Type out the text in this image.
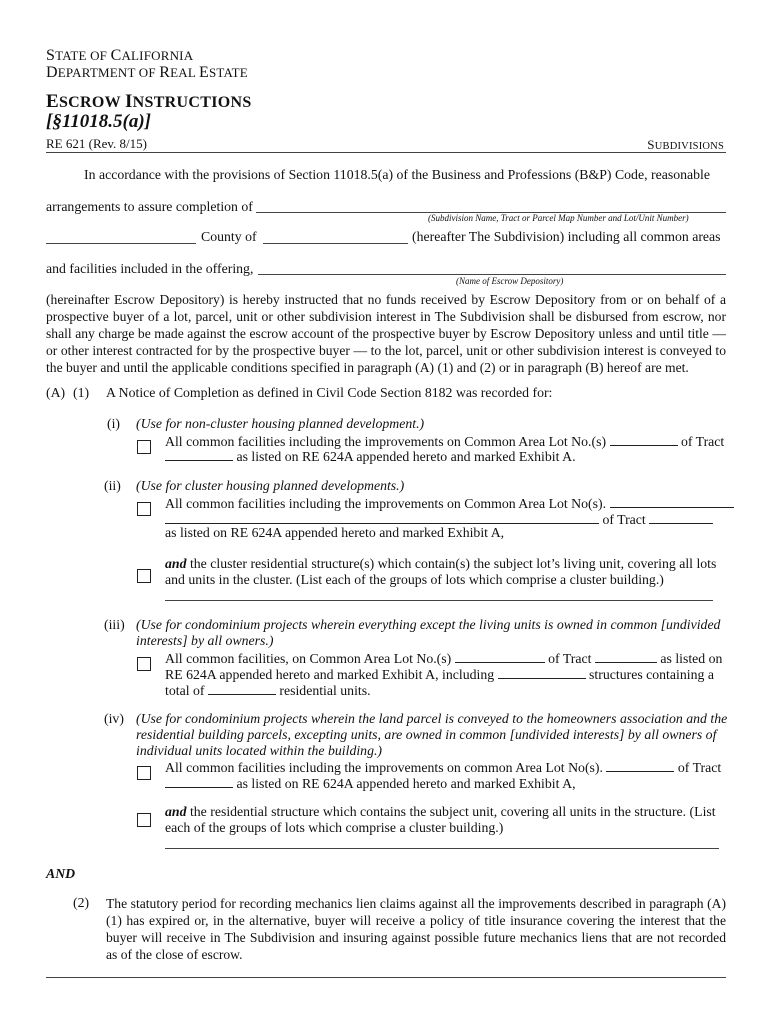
STATE OF CALIFORNIA
DEPARTMENT OF REAL ESTATE
ESCROW INSTRUCTIONS
[§11018.5(a)]
RE 621 (Rev. 8/15)	SUBDIVISIONS
In accordance with the provisions of Section 11018.5(a) of the Business and Professions (B&P) Code, reasonable
arrangements to assure completion of
(Subdivision Name, Tract or Parcel Map Number and Lot/Unit Number)
County of	(hereafter The Subdivision) including all common areas
and facilities included in the offering,
(Name of Escrow Depository)

(hereinafter Escrow Depository) is hereby instructed that no funds received by Escrow Depository from or on behalf of a prospective buyer of a lot, parcel, unit or other subdivision interest in The Subdivision shall be disbursed from escrow, nor shall any charge be made against the escrow account of the prospective buyer by Escrow Depository unless and until title —or other interest contracted for by the prospective buyer — to the lot, parcel, unit or other subdivision interest is conveyed to the buyer and until the applicable conditions specified in paragraph (A) (1) and (2) or in paragraph (B) hereof are met.

(A) (1) A Notice of Completion as defined in Civil Code Section 8182 was recorded for:
(i) (Use for non-cluster housing planned development.)
All common facilities including the improvements on Common Area Lot No.(s)	of Tract
as listed on RE 624A appended hereto and marked Exhibit A.
(ii) (Use for cluster housing planned developments.)
All common facilities including the improvements on Common Area Lot No(s).
of Tract
as listed on RE 624A appended hereto and marked Exhibit A,
and the cluster residential structure(s) which contain(s) the subject lot’s living unit, covering all lots
and units in the cluster. (List each of the groups of lots which comprise a cluster building.)
(iii) (Use for condominium projects wherein everything except the living units is owned in common [undivided
interests] by all owners.)
All common facilities, on Common Area Lot No.(s)	of Tract	as listed on
RE 624A appended hereto and marked Exhibit A, including	structures containing a
total of	residential units.
(iv) (Use for condominium projects wherein the land parcel is conveyed to the homeowners association and the
residential building parcels, excepting units, are owned in common [undivided interests] by all owners of
individual units located within the building.)
All common facilities including the improvements on common Area Lot No(s).	of Tract
as listed on RE 624A appended hereto and marked Exhibit A,
and the residential structure which contains the subject unit, covering all units in the structure. (List
each of the groups of lots which comprise a cluster building.)
AND
(2) The statutory period for recording mechanics lien claims against all the improvements described in paragraph (A) (1) has expired or, in the alternative, buyer will receive a policy of title insurance covering the interest that the buyer will receive in The Subdivision and insuring against possible future mechanics liens that are not recorded as of the close of escrow.
